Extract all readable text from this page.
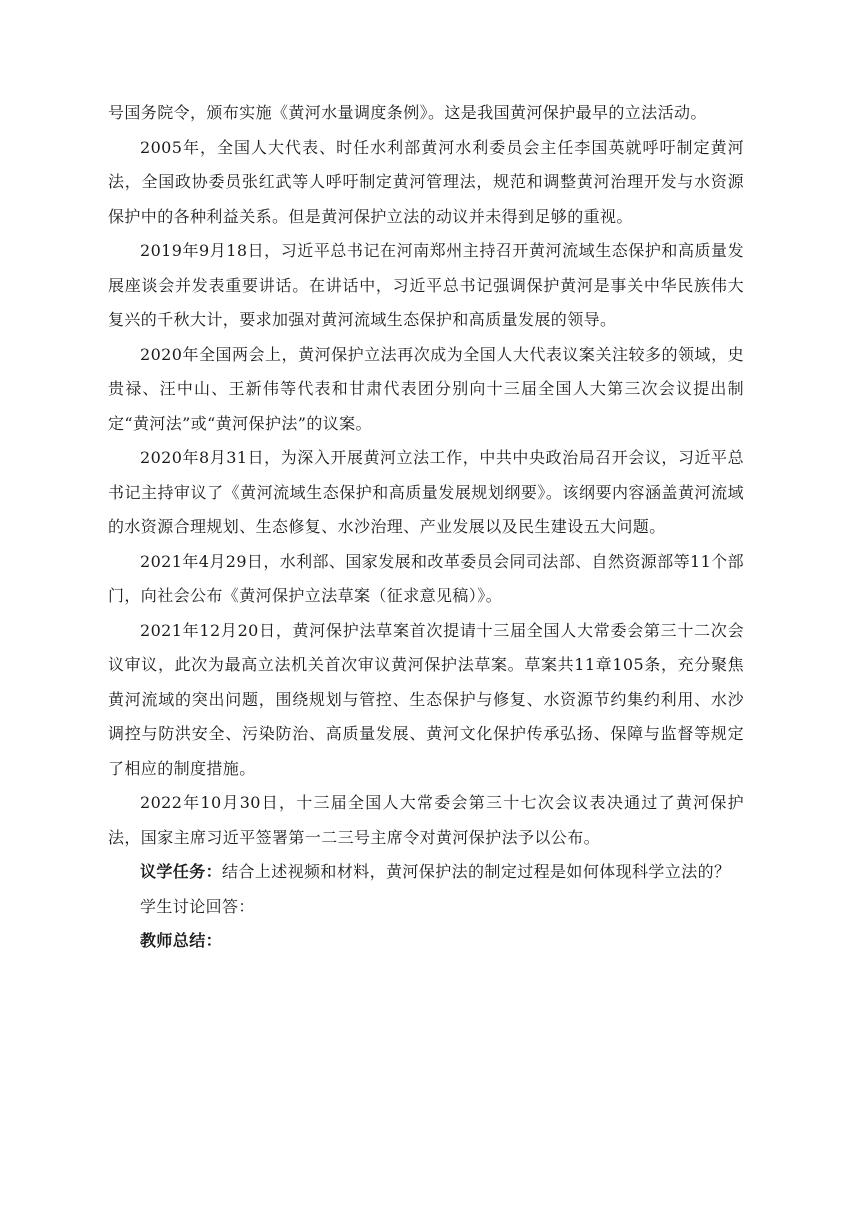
号国务院令，颁布实施《黄河水量调度条例》。这是我国黄河保护最早的立法活动。

2005年，全国人大代表、时任水利部黄河水利委员会主任李国英就呼吁制定黄河法，全国政协委员张红武等人呼吁制定黄河管理法，规范和调整黄河治理开发与水资源保护中的各种利益关系。但是黄河保护立法的动议并未得到足够的重视。

2019年9月18日，习近平总书记在河南郑州主持召开黄河流域生态保护和高质量发展座谈会并发表重要讲话。在讲话中，习近平总书记强调保护黄河是事关中华民族伟大复兴的千秋大计，要求加强对黄河流域生态保护和高质量发展的领导。

2020年全国两会上，黄河保护立法再次成为全国人大代表议案关注较多的领域，史贵禄、汪中山、王新伟等代表和甘肃代表团分别向十三届全国人大第三次会议提出制定“黄河法”或“黄河保护法”的议案。

2020年8月31日，为深入开展黄河立法工作，中共中央政治局召开会议，习近平总书记主持审议了《黄河流域生态保护和高质量发展规划纲要》。该纲要内容涵盖黄河流域的水资源合理规划、生态修复、水沙治理、产业发展以及民生建设五大问题。

2021年4月29日，水利部、国家发展和改革委员会同司法部、自然资源部等11个部门，向社会公布《黄河保护立法草案（征求意见稿）》。

2021年12月20日，黄河保护法草案首次提请十三届全国人大常委会第三十二次会议审议，此次为最高立法机关首次审议黄河保护法草案。草案共11章105条，充分聚焦黄河流域的突出问题，围绕规划与管控、生态保护与修复、水资源节约集约利用、水沙调控与防洪安全、污染防治、高质量发展、黄河文化保护传承弘扬、保障与监督等规定了相应的制度措施。

2022年10月30日，十三届全国人大常委会第三十七次会议表决通过了黄河保护法，国家主席习近平签署第一二三号主席令对黄河保护法予以公布。

议学任务：结合上述视频和材料，黄河保护法的制定过程是如何体现科学立法的？

学生讨论回答：

教师总结：
